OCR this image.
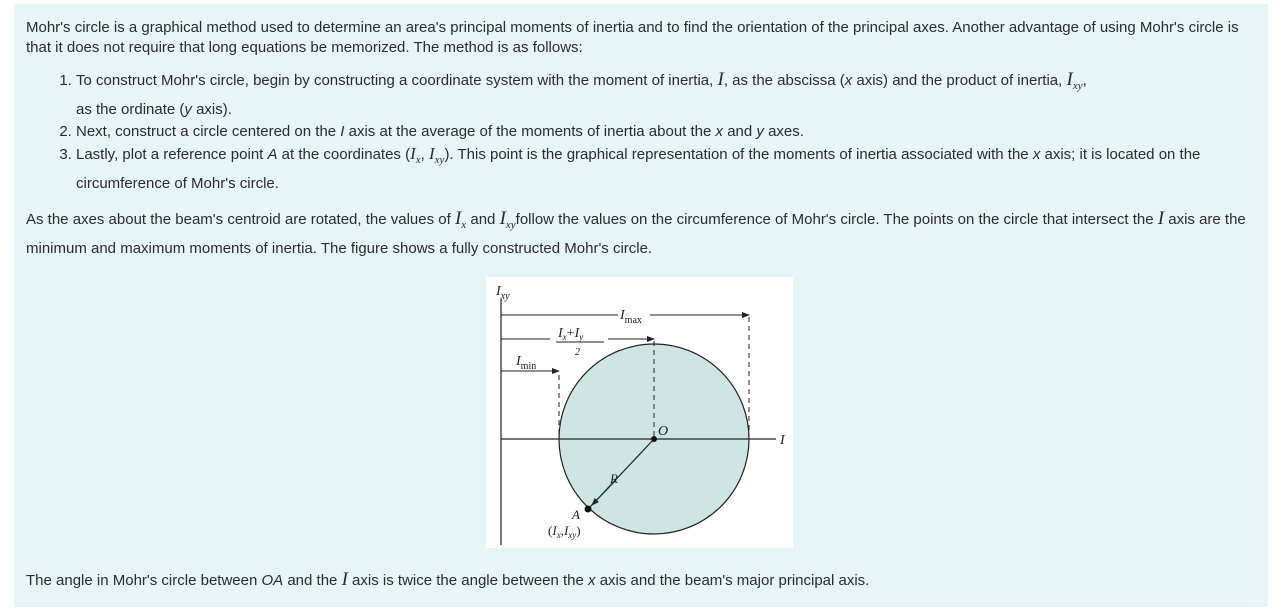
Mohr's circle is a graphical method used to determine an area's principal moments of inertia and to find the orientation of the principal axes. Another advantage of using Mohr's circle is that it does not require that long equations be memorized. The method is as follows:

1. To construct Mohr's circle, begin by constructing a coordinate system with the moment of inertia, I, as the abscissa (x axis) and the product of inertia, $I_{xy}$,
as the ordinate (y axis).
2. Next, construct a circle centered on the I axis at the average of the moments of inertia about the x and y axes.
3. Lastly, plot a reference point A at the coordinates ($I_x$, $I_{xy}$). This point is the graphical representation of the moments of inertia associated with the x axis; it is located on the circumference of Mohr's circle.

As the axes about the beam's centroid are rotated, the values of $I_x$ and $I_{xy}follow$ the values on the circumference of Mohr's circle. The points on the circle that intersect the I axis are the minimum and maximum moments of inertia. The figure shows a fully constructed Mohr's circle.

$I_{xy}$
$I_{max}$
$I_x+I_y$
2
$I_{min}$
O
I
R
A
$(I_x,I_{xy})$

The angle in Mohr's circle between OA and the I axis is twice the angle between the x axis and the beam's major principal axis.
